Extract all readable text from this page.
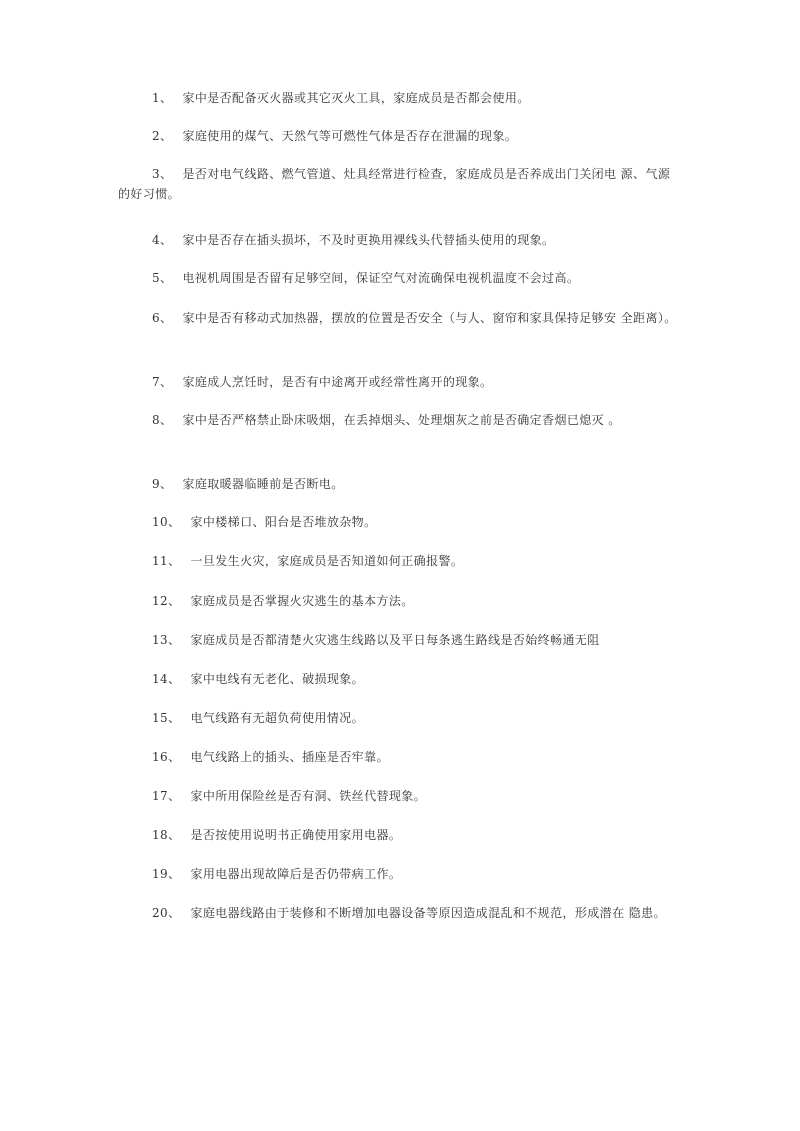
1、 家中是否配备灭火器或其它灭火工具，家庭成员是否都会使用。

2、 家庭使用的煤气、天然气等可燃性气体是否存在泄漏的现象。

3、 是否对电气线路、燃气管道、灶具经常进行检查，家庭成员是否养成出门关闭电 源、气源的好习惯。

4、 家中是否存在插头损坏，不及时更换用裸线头代替插头使用的现象。

5、 电视机周围是否留有足够空间，保证空气对流确保电视机温度不会过高。

6、 家中是否有移动式加热器，摆放的位置是否安全（与人、窗帘和家具保持足够安 全距离）。

7、 家庭成人烹饪时，是否有中途离开或经常性离开的现象。

8、 家中是否严格禁止卧床吸烟，在丢掉烟头、处理烟灰之前是否确定香烟已熄灭 。

9、 家庭取暖器临睡前是否断电。

10、 家中楼梯口、阳台是否堆放杂物。

11、 一旦发生火灾，家庭成员是否知道如何正确报警。

12、 家庭成员是否掌握火灾逃生的基本方法。

13、 家庭成员是否都清楚火灾逃生线路以及平日每条逃生路线是否始终畅通无阻

14、 家中电线有无老化、破损现象。

15、 电气线路有无超负荷使用情况。

16、 电气线路上的插头、插座是否牢靠。

17、 家中所用保险丝是否有洞、铁丝代替现象。

18、 是否按使用说明书正确使用家用电器。

19、 家用电器出现故障后是否仍带病工作。

20、 家庭电器线路由于装修和不断增加电器设备等原因造成混乱和不规范，形成潜在 隐患。
